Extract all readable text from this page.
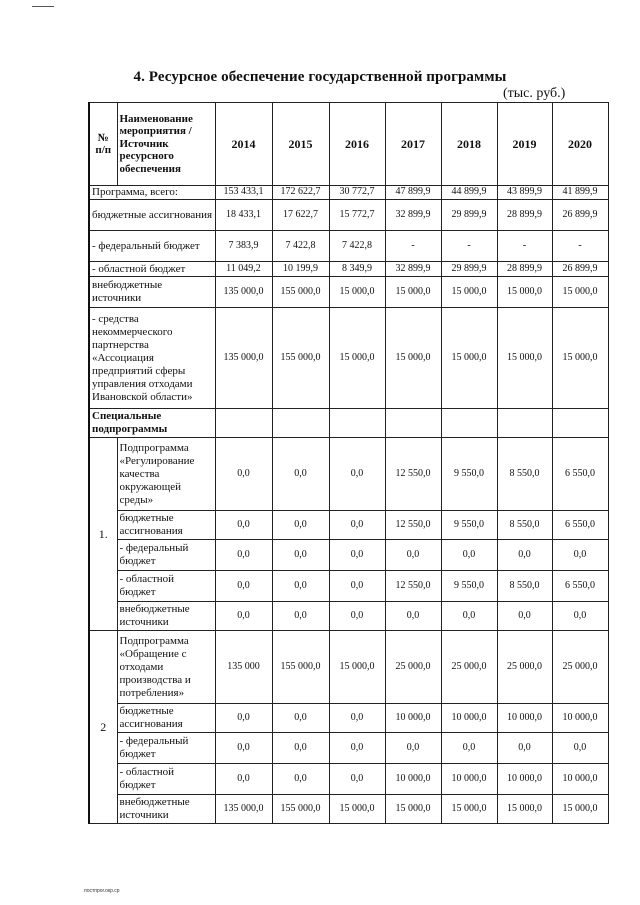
4. Ресурсное обеспечение государственной программы
(тыс. руб.)
№ п/п	Наименование мероприятия / Источник ресурсного обеспечения	2014	2015	2016	2017	2018	2019	2020
Программа, всего:		153 433,1	172 622,7	30 772,7	47 899,9	44 899,9	43 899,9	41 899,9
бюджетные ассигнования		18 433,1	17 622,7	15 772,7	32 899,9	29 899,9	28 899,9	26 899,9
- федеральный бюджет		7 383,9	7 422,8	7 422,8	-	-	-	-
- областной бюджет		11 049,2	10 199,9	8 349,9	32 899,9	29 899,9	28 899,9	26 899,9
внебюджетные источники		135 000,0	155 000,0	15 000,0	15 000,0	15 000,0	15 000,0	15 000,0
- средства некоммерческого партнерства «Ассоциация предприятий сферы управления отходами Ивановской области»		135 000,0	155 000,0	15 000,0	15 000,0	15 000,0	15 000,0	15 000,0
Специальные подпрограммы								
1.	Подпрограмма «Регулирование качества окружающей среды»	0,0	0,0	0,0	12 550,0	9 550,0	8 550,0	6 550,0
	бюджетные ассигнования	0,0	0,0	0,0	12 550,0	9 550,0	8 550,0	6 550,0
	- федеральный бюджет	0,0	0,0	0,0	0,0	0,0	0,0	0,0
	- областной бюджет	0,0	0,0	0,0	12 550,0	9 550,0	8 550,0	6 550,0
	внебюджетные источники	0,0	0,0	0,0	0,0	0,0	0,0	0,0
2	Подпрограмма «Обращение с отходами производства и потребления»	135 000	155 000,0	15 000,0	25 000,0	25 000,0	25 000,0	25 000,0
	бюджетные ассигнования	0,0	0,0	0,0	10 000,0	10 000,0	10 000,0	10 000,0
	- федеральный бюджет	0,0	0,0	0,0	0,0	0,0	0,0	0,0
	- областной бюджет	0,0	0,0	0,0	10 000,0	10 000,0	10 000,0	10 000,0
	внебюджетные источники	135 000,0	155 000,0	15 000,0	15 000,0	15 000,0	15 000,0	15 000,0
постпрог.окр.ср
